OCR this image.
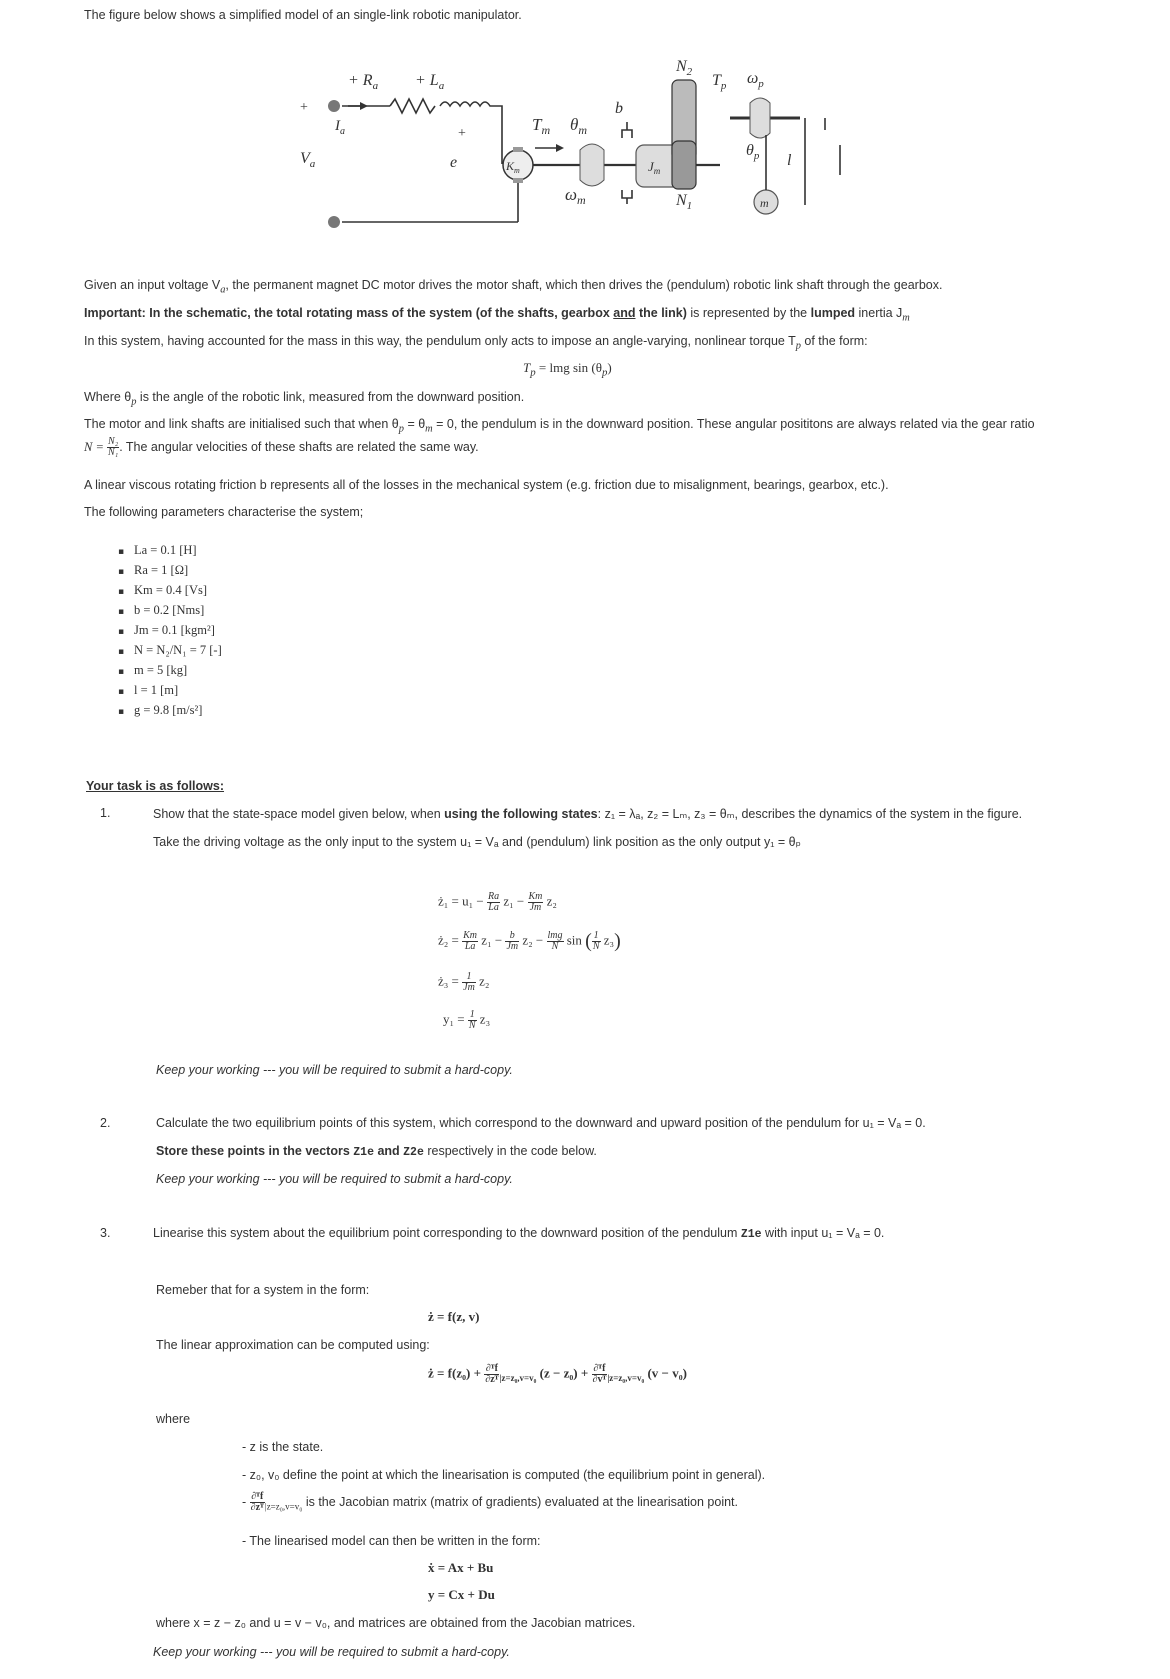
The figure below shows a simplified model of an single-link robotic manipulator.
+
+ $R_a + L_a$
$I_a$
$V_a$
+
e	$K_m$
$T_m$ $\theta_m$
b
$\omega_m$
$J_m$
$N_2$
$N_1$
$T_p$ $\omega_p$
$\theta_p$ l
m
Given an input voltage $V_a$, the permanent magnet DC motor drives the motor shaft, which then drives the (pendulum) robotic link shaft through the gearbox.
Important: In the schematic, the total rotating mass of the system (of the shafts, gearbox and the link) is represented by the lumped inertia $J_m$
In this system, having accounted for the mass in this way, the pendulum only acts to impose an angle-varying, nonlinear torque $T_p$ of the form:
$T_p$ = lmg $\sin (\theta_p)$
Where $\theta_p$ is the angle of the robotic link, measured from the downward position.
The motor and link shafts are initialised such that when $\theta_p = \theta_m = 0$, the pendulum is in the downward position. These angular posititons are always related via the gear ratio
$N = \frac{\text{N₂}}{\text{N₁}}$ . The angular velocities of these shafts are related the same way.
A linear viscous rotating friction b represents all of the losses in the mechanical system (e.g. friction due to misalignment, bearings, gearbox, etc.).
The following parameters characterise the system;
▪ La = 0.1 [H]
▪ Ra = 1 [Ω]
▪ Km = 0.4 [Vs]
▪ b = 0.2 [Nms]
▪ Jm = 0.1 [kgm²]
▪ N = N₂/N₁ = 7 [-]
▪ m = 5 [kg]
▪ l = 1 [m]
▪ g = 9.8 [m/s²]
Your task is as follows:
1.	Show that the state-space model given below, when using the following states: z₁ = λₐ, z₂ = Lₘ, z₃ = θₘ, describes the dynamics of the system in the figure.
Take the driving voltage as the only input to the system u₁ = Vₐ and (pendulum) link position as the only output y₁ = θₚ
ż₁ = $u_1 - \frac{Ra}{La} z_1 - \frac{Km}{Jm} z_2$
ż₂ = $\frac{Km}{La} z_1 - \frac{b}{Jm} z_2 - \frac{\text{lmg}}{N}$ sin ( $\frac{1}{N} z_3$)
ż₃ = $\frac{1}{Jm} z_2$
$y_1 = \frac{1}{N} z_3$
Keep your working --- you will be required to submit a hard-copy.
2.	Calculate the two equilibrium points of this system, which correspond to the downward and upward position of the pendulum for u₁ = Vₐ = 0.
Store these points in the vectors Z1e and Z2e respectively in the code below.
Keep your working --- you will be required to submit a hard-copy.
3.	Linearise this system about the equilibrium point corresponding to the downward position of the pendulum Z1e with input u₁ = Vₐ = 0.
Remeber that for a system in the form:
ż = f(z, v)
The linear approximation can be computed using:
ż = $f(z_0) + \frac{\text{∂ᵀf}}{\text{∂zᵀ}} _{|z=z_0,v=v_0}$ $(z - z_0) + \frac{\text{∂ᵀf}}{\text{∂vᵀ}} _{|z=z_0,v=v_0}$ (v − v₀)
where
- z is the state.
- z₀, v₀ define the point at which the linearisation is computed (the equilibrium point in general).
- $\frac{\text{∂ᵀf}}{\text{∂zᵀ}} _{|z=z_0,v=v_0}$ is the Jacobian matrix (matrix of gradients) evaluated at the linearisation point.
- The linearised model can then be written in the form:
ẋ = Ax + Bu
y = Cx + Du
where x = z − z₀ and u = v − v₀, and matrices are obtained from the Jacobian matrices.
Keep your working --- you will be required to submit a hard-copy.
